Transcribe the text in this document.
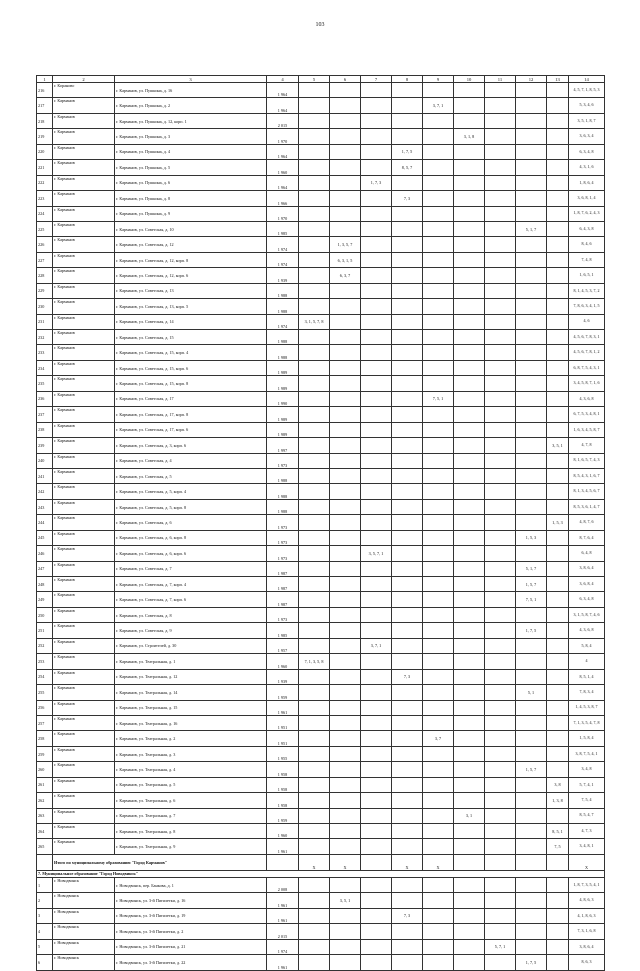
103
1	2	3	4	5	6	7	8	9	10	11	12	13	14
216	г. Кораново	г. Карманов, ул. Пушкина, д. 16	1 964										4, 5, 7, 1, 8, 5, 3
217	г. Карманов	г. Карманов, ул. Пушкина, д. 2	1 964					3, 7, 1					5, 3, 4, 6
218	г. Карманов	г. Карманов, ул. Пушкина, д. 12, корп. 1	2 015										3, 5, 1, 8, 7
219	г. Карманов	г. Карманов, ул. Пушкина, д. 3	1 970						3, 1, 8				3, 6, 3, 4
220	г. Карманов	г. Карманов, ул. Пушкина, д. 4	1 964				1, 7, 5						6, 3, 4, 8
221	г. Карманов	г. Карманов, ул. Пушкина, д. 5	1 960				8, 5, 7						4, 3, 1, 6
222	г. Карманов	г. Карманов, ул. Пушкина, д. 6	1 964			1, 7, 3							1, 8, 6, 4
223	г. Карманов	г. Карманов, ул. Пушкина, д. 8	1 966				7, 3						3, 6, 8, 1, 4
224	г. Карманов	г. Карманов, ул. Пушкина, д. 9	1 970										1, 8, 7, 6, 2, 4, 3
225	г. Карманов	г. Карманов, ул. Советская, д. 10	1 985								5, 1, 7		6, 4, 3, 8
226	г. Карманов	г. Карманов, ул. Советская, д. 12	1 974		1, 3, 5, 7								8, 4, 6
227	г. Карманов	г. Карманов, ул. Советская, д. 12, корп. 8	1 974		6, 3, 1, 5								7, 4, 8
228	г. Карманов	г. Карманов, ул. Советская, д. 12, корп. 6	1 939		6, 3, 7								1, 6, 5, 1
229	г. Карманов	г. Карманов, ул. Советская, д. 13	1 988										8, 1, 4, 5, 3, 7, 2
230	г. Карманов	г. Карманов, ул. Советская, д. 13, корп. 5	1 988										7, 8, 6, 3, 4, 1, 5
231	г. Карманов	г. Карманов, ул. Советская, д. 14	1 974	3, 1, 5, 7, 8									4, 6
232	г. Карманов	г. Карманов, ул. Советская, д. 15	1 988										4, 5, 6, 7, 8, 3, 1
233	г. Карманов	г. Карманов, ул. Советская, д. 15, корп. 4	1 988										4, 5, 6, 7, 8, 1, 2
234	г. Карманов	г. Карманов, ул. Советская, д. 15, корп. 6	1 989										6, 8, 7, 5, 4, 3, 1
235	г. Карманов	г. Карманов, ул. Советская, д. 15, корп. 8	1 989										3, 4, 5, 8, 7, 1, 6
236	г. Карманов	г. Карманов, ул. Советская, д. 17	1 990					7, 5, 1					4, 3, 6, 8
237	г. Карманов	г. Карманов, ул. Советская, д. 17, корп. 8	1 989										6, 7, 5, 3, 4, 8, 1
238	г. Карманов	г. Карманов, ул. Советская, д. 17, корп. 6	1 989										1, 6, 3, 4, 5, 8, 7
239	г. Карманов	г. Карманов, ул. Советская, д. 3, корп. 6	1 997									3, 5, 1	4, 7, 8
240	г. Карманов	г. Карманов, ул. Советская, д. 4	1 973										8, 1, 6, 5, 7, 4, 3
241	г. Карманов	г. Карманов, ул. Советская, д. 5	1 988										8, 5, 4, 3, 1, 6, 7
242	г. Карманов	г. Карманов, ул. Советская, д. 5, корп. 4	1 988										8, 1, 3, 4, 5, 6, 7
243	г. Карманов	г. Карманов, ул. Советская, д. 5, корп. 8	1 988										8, 5, 3, 6, 1, 4, 7
244	г. Карманов	г. Карманов, ул. Советская, д. 6	1 973									1, 5, 3	4, 8, 7, 6
245	г. Карманов	г. Карманов, ул. Советская, д. 6, корп. 8	1 973								1, 5, 3		8, 7, 6, 4
246	г. Карманов	г. Карманов, ул. Советская, д. 6, корп. 6	1 973			3, 5, 7, 1							6, 4, 8
247	г. Карманов	г. Карманов, ул. Советская, д. 7	1 987								5, 1, 7		3, 8, 6, 4
248	г. Карманов	г. Карманов, ул. Советская, д. 7, корп. 4	1 987								1, 5, 7		3, 6, 8, 4
249	г. Карманов	г. Карманов, ул. Советская, д. 7, корп. 6	1 987								7, 5, 1		6, 3, 4, 8
250	г. Карманов	г. Карманов, ул. Советская, д. 8	1 973										3, 1, 5, 8, 7, 4, 6
251	г. Карманов	г. Карманов, ул. Советская, д. 9	1 985								1, 7, 5		4, 3, 6, 8
252	г. Карманов	г. Карманов, ул. Строителей, д. 30	1 957			3, 7, 1							5, 8, 4
253	г. Карманов	г. Карманов, ул. Театральная, д. 1	1 960	7, 1, 3, 5, 8									4
254	г. Карманов	г. Карманов, ул. Театральная, д. 12	1 939				7, 3						8, 5, 1, 4
255	г. Карманов	г. Карманов, ул. Театральная, д. 14	1 959								5, 1		7, 8, 3, 4
256	г. Карманов	г. Карманов, ул. Театральная, д. 15	1 961										1, 4, 5, 3, 8, 7
257	г. Карманов	г. Карманов, ул. Театральная, д. 16	1 951										7, 1, 3, 5, 4, 7, 8
258	г. Карманов	г. Карманов, ул. Театральная, д. 2	1 951					3, 7					1, 5, 8, 4
259	г. Карманов	г. Карманов, ул. Театральная, д. 3	1 955										3, 8, 7, 5, 4, 1
260	г. Карманов	г. Карманов, ул. Театральная, д. 4	1 958								1, 5, 7		3, 4, 8
261	г. Карманов	г. Карманов, ул. Театральная, д. 5	1 958									3, 8	5, 7, 4, 1
262	г. Карманов	г. Карманов, ул. Театральная, д. 6	1 958									1, 3, 8	7, 5, 4
263	г. Карманов	г. Карманов, ул. Театральная, д. 7	1 959						3, 1				8, 5, 4, 7
264	г. Карманов	г. Карманов, ул. Театральная, д. 8	1 960									8, 5, 1	4, 7, 3
265	г. Карманов	г. Карманов, ул. Театральная, д. 9	1 961									7, 5	3, 4, 8, 1
	Итого по муниципальному образованию "Город Карманов"			X	X		X	X					X
7. Муниципальное образование "Город Новодвинск"													
1	г. Новодвинск	г. Новодвинск, пер. Банкова, д. 1	2 008										1, 8, 7, 3, 5, 4, 1
2	г. Новодвинск	г. Новодвинск, ул. 3-й Пятилетки, д. 16	1 961		3, 5, 1								4, 8, 6, 3
3	г. Новодвинск	г. Новодвинск, ул. 3-й Пятилетки, д. 19	1 961				7, 3						4, 1, 8, 6, 3
4	г. Новодвинск	г. Новодвинск, ул. 3-й Пятилетки, д. 2	2 015										7, 3, 1, 6, 8
5	г. Новодвинск	г. Новодвинск, ул. 3-й Пятилетки, д. 21	1 974							5, 7, 1			3, 8, 6, 4
6	г. Новодвинск	г. Новодвинск, ул. 3-й Пятилетки, д. 22	1 961								1, 7, 5		8, 6, 3
